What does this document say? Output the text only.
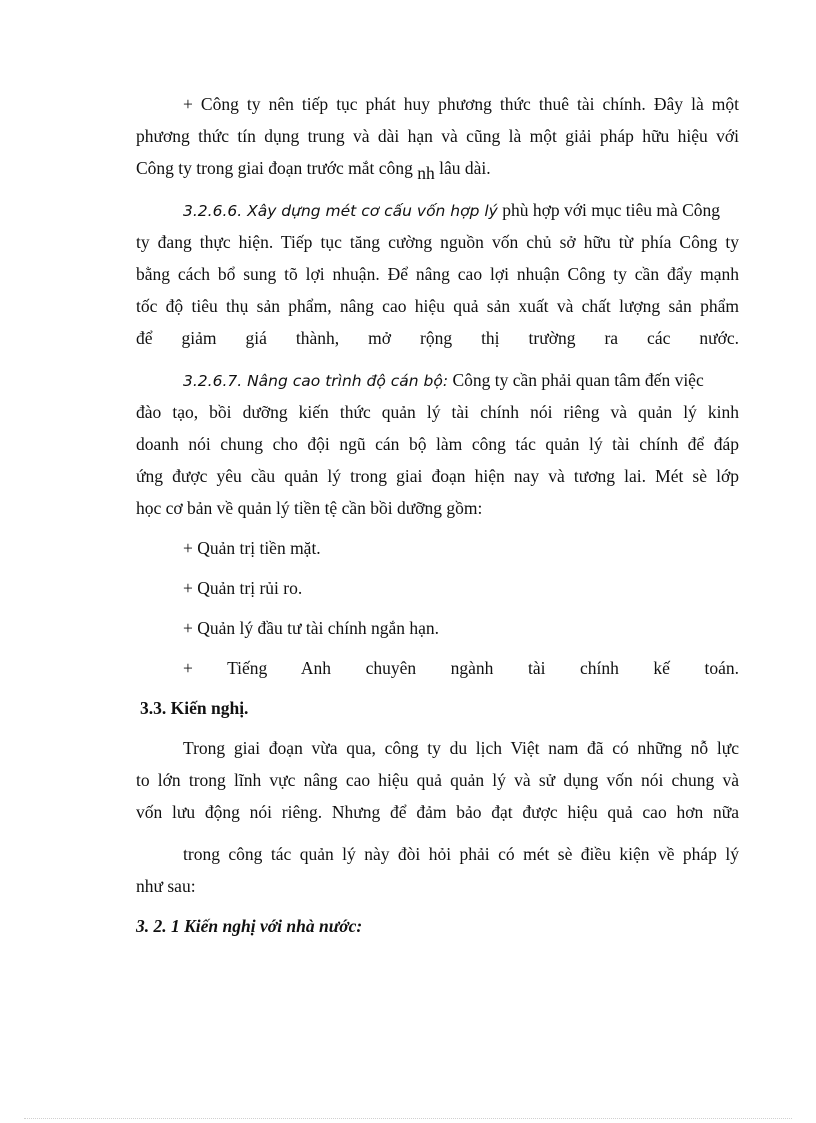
+ Công ty nên tiếp tục phát huy phương thức thuê tài chính. Đây là một
phương thức tín dụng trung và dài hạn và cũng là một giải pháp hữu hiệu với
Công ty trong giai đoạn trước mắt công nh lâu dài.
3.2.6.6. Xây dựng mét cơ cấu vốn hợp lý phù hợp với mục tiêu mà Công
ty đang thực hiện. Tiếp tục tăng cường nguồn vốn chủ sở hữu từ phía Công ty
bằng cách bổ sung tõ lợi nhuận. Để nâng cao lợi nhuận Công ty cần đẩy mạnh
tốc độ tiêu thụ sản phẩm, nâng cao hiệu quả sản xuất và chất lượng sản phẩm
để giảm giá thành, mở rộng thị trường ra các nước.
3.2.6.7. Nâng cao trình độ cán bộ: Công ty cần phải quan tâm đến việc
đào tạo, bồi dưỡng kiến thức quản lý tài chính nói riêng và quản lý kinh
doanh nói chung cho đội ngũ cán bộ làm công tác quản lý tài chính để đáp
ứng được yêu cầu quản lý trong giai đoạn hiện nay và tương lai. Mét sè lớp
học cơ bản về quản lý tiền tệ cần bồi dưỡng gồm:
+ Quản trị tiền mặt.
+ Quản trị rủi ro.
+ Quản lý đầu tư tài chính ngắn hạn.
+ Tiếng Anh chuyên ngành tài chính kế toán.
3.3. Kiến nghị.
Trong giai đoạn vừa qua, công ty du lịch Việt nam đã có những nỗ lực
to lớn trong lĩnh vực nâng cao hiệu quả quản lý và sử dụng vốn nói chung và
vốn lưu động nói riêng. Nhưng để đảm bảo đạt được hiệu quả cao hơn nữa
trong công tác quản lý này đòi hỏi phải có mét sè điều kiện về pháp lý
như sau:
3. 2. 1 Kiến nghị với nhà nước:
